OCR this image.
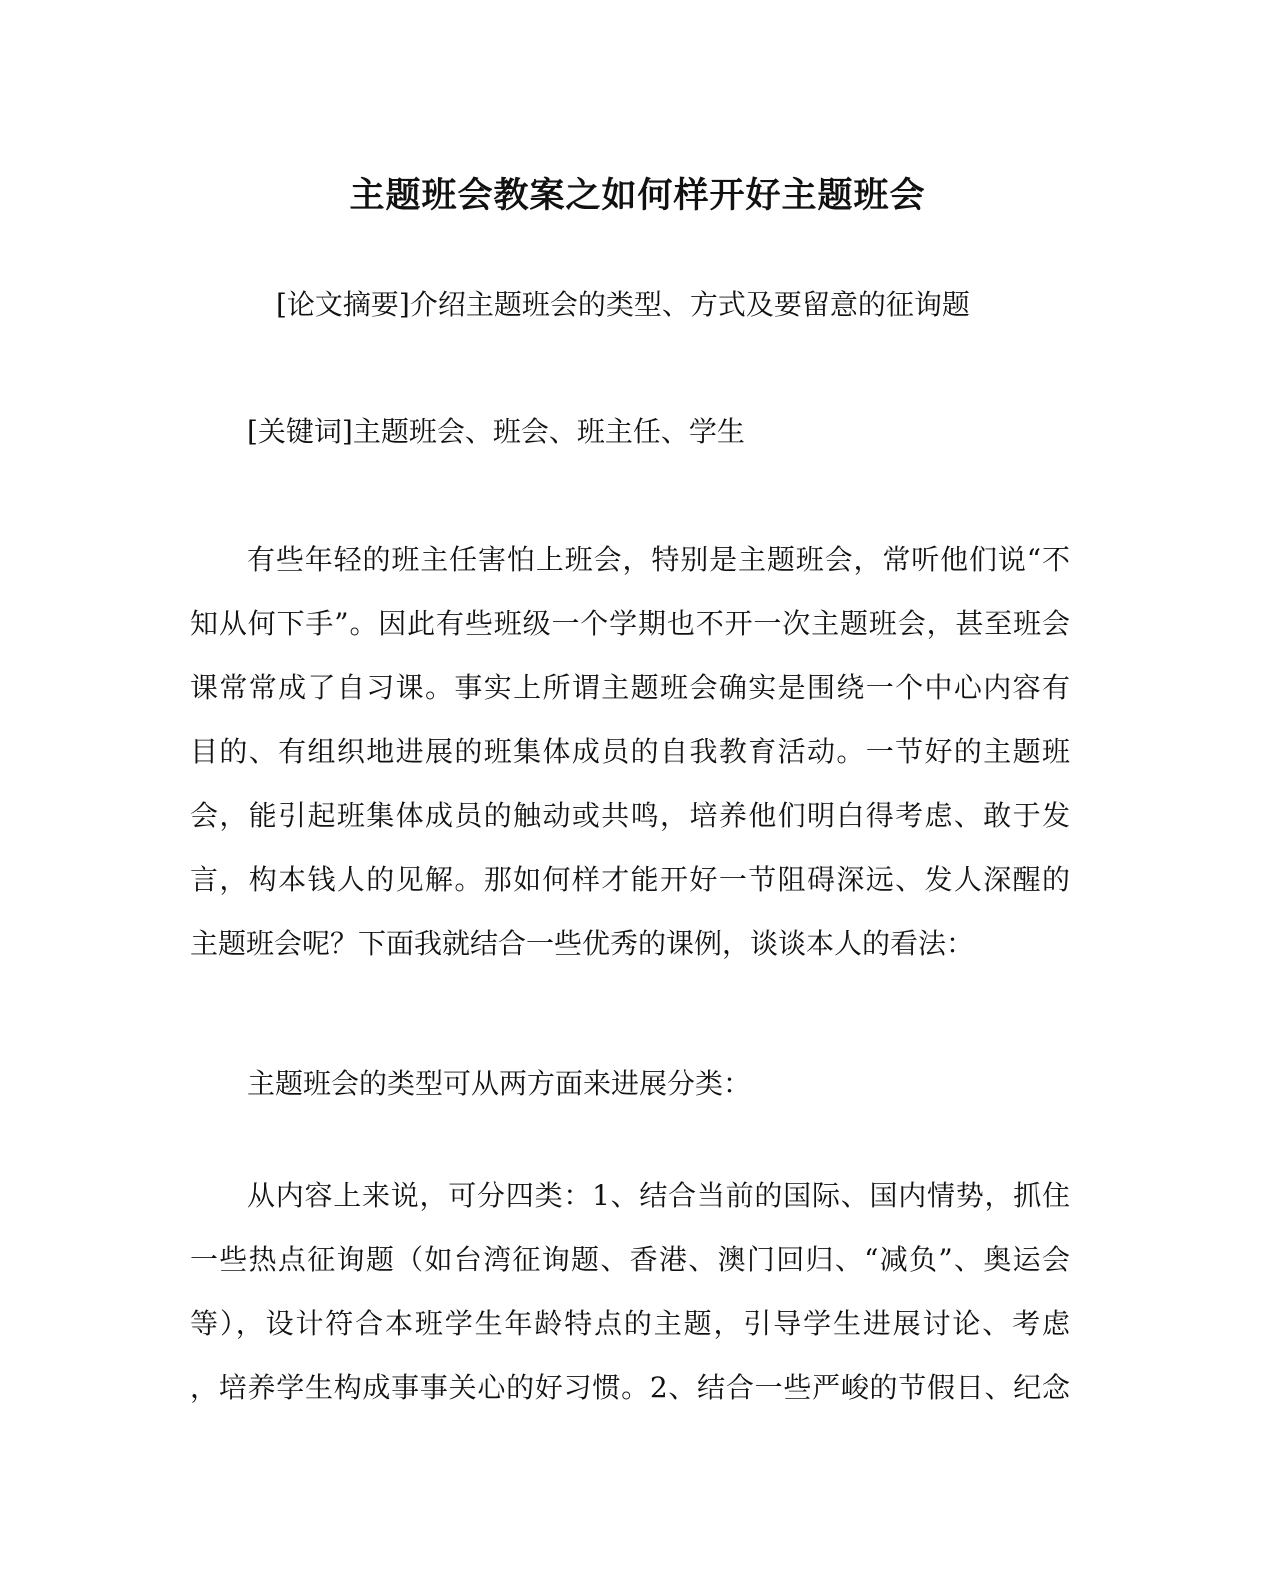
主题班会教案之如何样开好主题班会
[论文摘要]介绍主题班会的类型、方式及要留意的征询题
[关键词]主题班会、班会、班主任、学生
有些年轻的班主任害怕上班会，特别是主题班会，常听他们说“不
知从何下手”。因此有些班级一个学期也不开一次主题班会，甚至班会
课常常成了自习课。事实上所谓主题班会确实是围绕一个中心内容有
目的、有组织地进展的班集体成员的自我教育活动。一节好的主题班
会，能引起班集体成员的触动或共鸣，培养他们明白得考虑、敢于发
言，构本钱人的见解。那如何样才能开好一节阻碍深远、发人深醒的
主题班会呢？下面我就结合一些优秀的课例，谈谈本人的看法：
主题班会的类型可从两方面来进展分类：
从内容上来说，可分四类：1、结合当前的国际、国内情势，抓住
一些热点征询题（如台湾征询题、香港、澳门回归、“减负”、奥运会
等），设计符合本班学生年龄特点的主题，引导学生进展讨论、考虑
，培养学生构成事事关心的好习惯。2、结合一些严峻的节假日、纪念
